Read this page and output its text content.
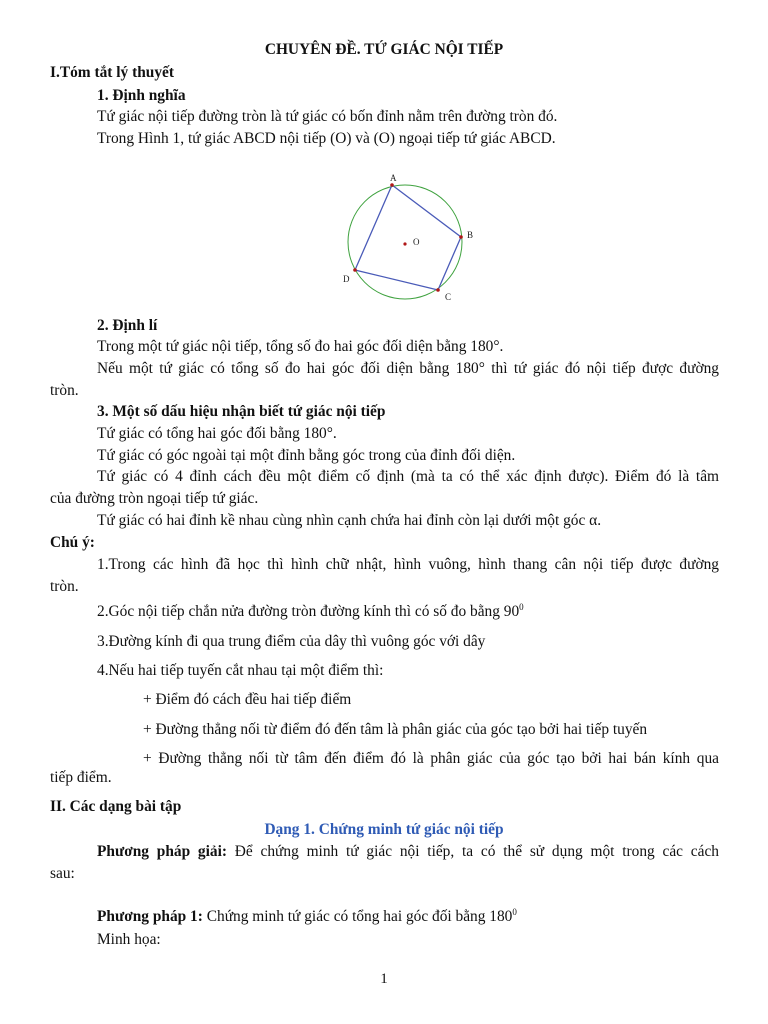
'	'
CHUYÊN ĐỀ. TỨ GIÁC NỘI TIẾP
I.Tóm tắt lý thuyết
1. Định nghĩa
Tứ giác nội tiếp đường tròn là tứ giác có bốn đỉnh nằm trên đường tròn đó.
Trong Hình 1, tứ giác ABCD nội tiếp (O) và (O) ngoại tiếp tứ giác ABCD.
A
B
C
D
O
2. Định lí
Trong một tứ giác nội tiếp, tổng số đo hai góc đối diện bằng 180°.
Nếu một tứ giác có tổng số đo hai góc đối diện bằng 180° thì tứ giác đó nội tiếp được đường
tròn.
3. Một số dấu hiệu nhận biết tứ giác nội tiếp
Tứ giác có tổng hai góc đối bằng 180°.
Tứ giác có góc ngoài tại một đỉnh bằng góc trong của đỉnh đối diện.
Tứ giác có 4 đỉnh cách đều một điểm cố định (mà ta có thể xác định được). Điểm đó là tâm
của đường tròn ngoại tiếp tứ giác.
Tứ giác có hai đỉnh kề nhau cùng nhìn cạnh chứa hai đỉnh còn lại dưới một góc α.
Chú ý:
1.Trong các hình đã học thì hình chữ nhật, hình vuông, hình thang cân nội tiếp được đường
tròn.
2.Góc nội tiếp chắn nửa đường tròn đường kính thì có số đo bằng $90^0$
3.Đường kính đi qua trung điểm của dây thì vuông góc với dây
4.Nếu hai tiếp tuyến cắt nhau tại một điểm thì:
+ Điểm đó cách đều hai tiếp điểm
+ Đường thẳng nối từ điểm đó đến tâm là phân giác của góc tạo bởi hai tiếp tuyến
+ Đường thẳng nối từ tâm đến điểm đó là phân giác của góc tạo bởi hai bán kính qua
tiếp điểm.
II. Các dạng bài tập
Dạng 1. Chứng minh tứ giác nội tiếp
Phương pháp giải: Để chứng minh tứ giác nội tiếp, ta có thể sử dụng một trong các cách
sau:
Phương pháp 1: Chứng minh tứ giác có tổng hai góc đối bằng $180^0$
Minh họa:
1
